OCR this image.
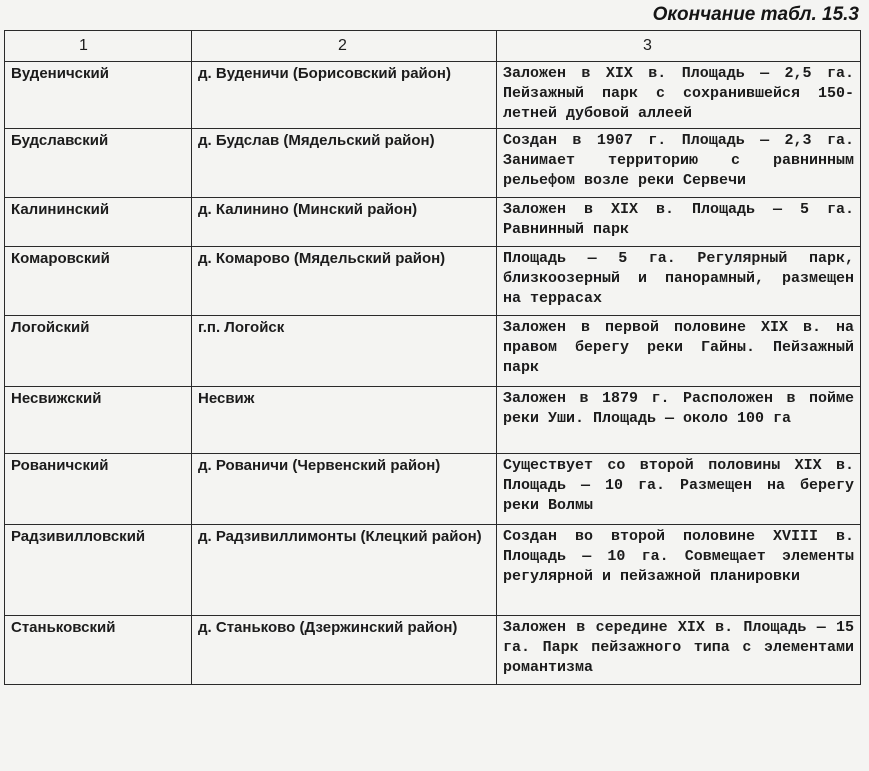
Окончание табл. 15.3
1	2	3
Вуденичский	д. Вуденичи (Борисовский район)	Заложен в XIX в. Площадь — 2,5 га. Пейзажный парк с сохранившейся 150-летней дубовой аллеей
Будславский	д. Будслав (Мядельский район)	Создан в 1907 г. Площадь — 2,3 га. Занимает территорию с равнинным рельефом возле реки Сервечи
Калининский	д. Калинино (Минский район)	Заложен в XIX в. Площадь — 5 га. Равнинный парк
Комаровский	д. Комарово (Мядельский район)	Площадь — 5 га. Регулярный парк, близкоозерный и панорамный, размещен на террасах
Логойский	г.п. Логойск	Заложен в первой половине XIX в. на правом берегу реки Гайны. Пейзажный парк
Несвижский	Несвиж	Заложен в 1879 г. Расположен в пойме реки Уши. Площадь — около 100 га
Рованичский	д. Рованичи (Червенский район)	Существует со второй половины XIX в. Площадь — 10 га. Размещен на берегу реки Волмы
Радзивилловский	д. Радзивиллимонты (Клецкий район)	Создан во второй половине XVIII в. Площадь — 10 га. Совмещает элементы регулярной и пейзажной планировки
Станьковский	д. Станьково (Дзержинский район)	Заложен в середине XIX в. Площадь — 15 га. Парк пейзажного типа с элементами романтизма
